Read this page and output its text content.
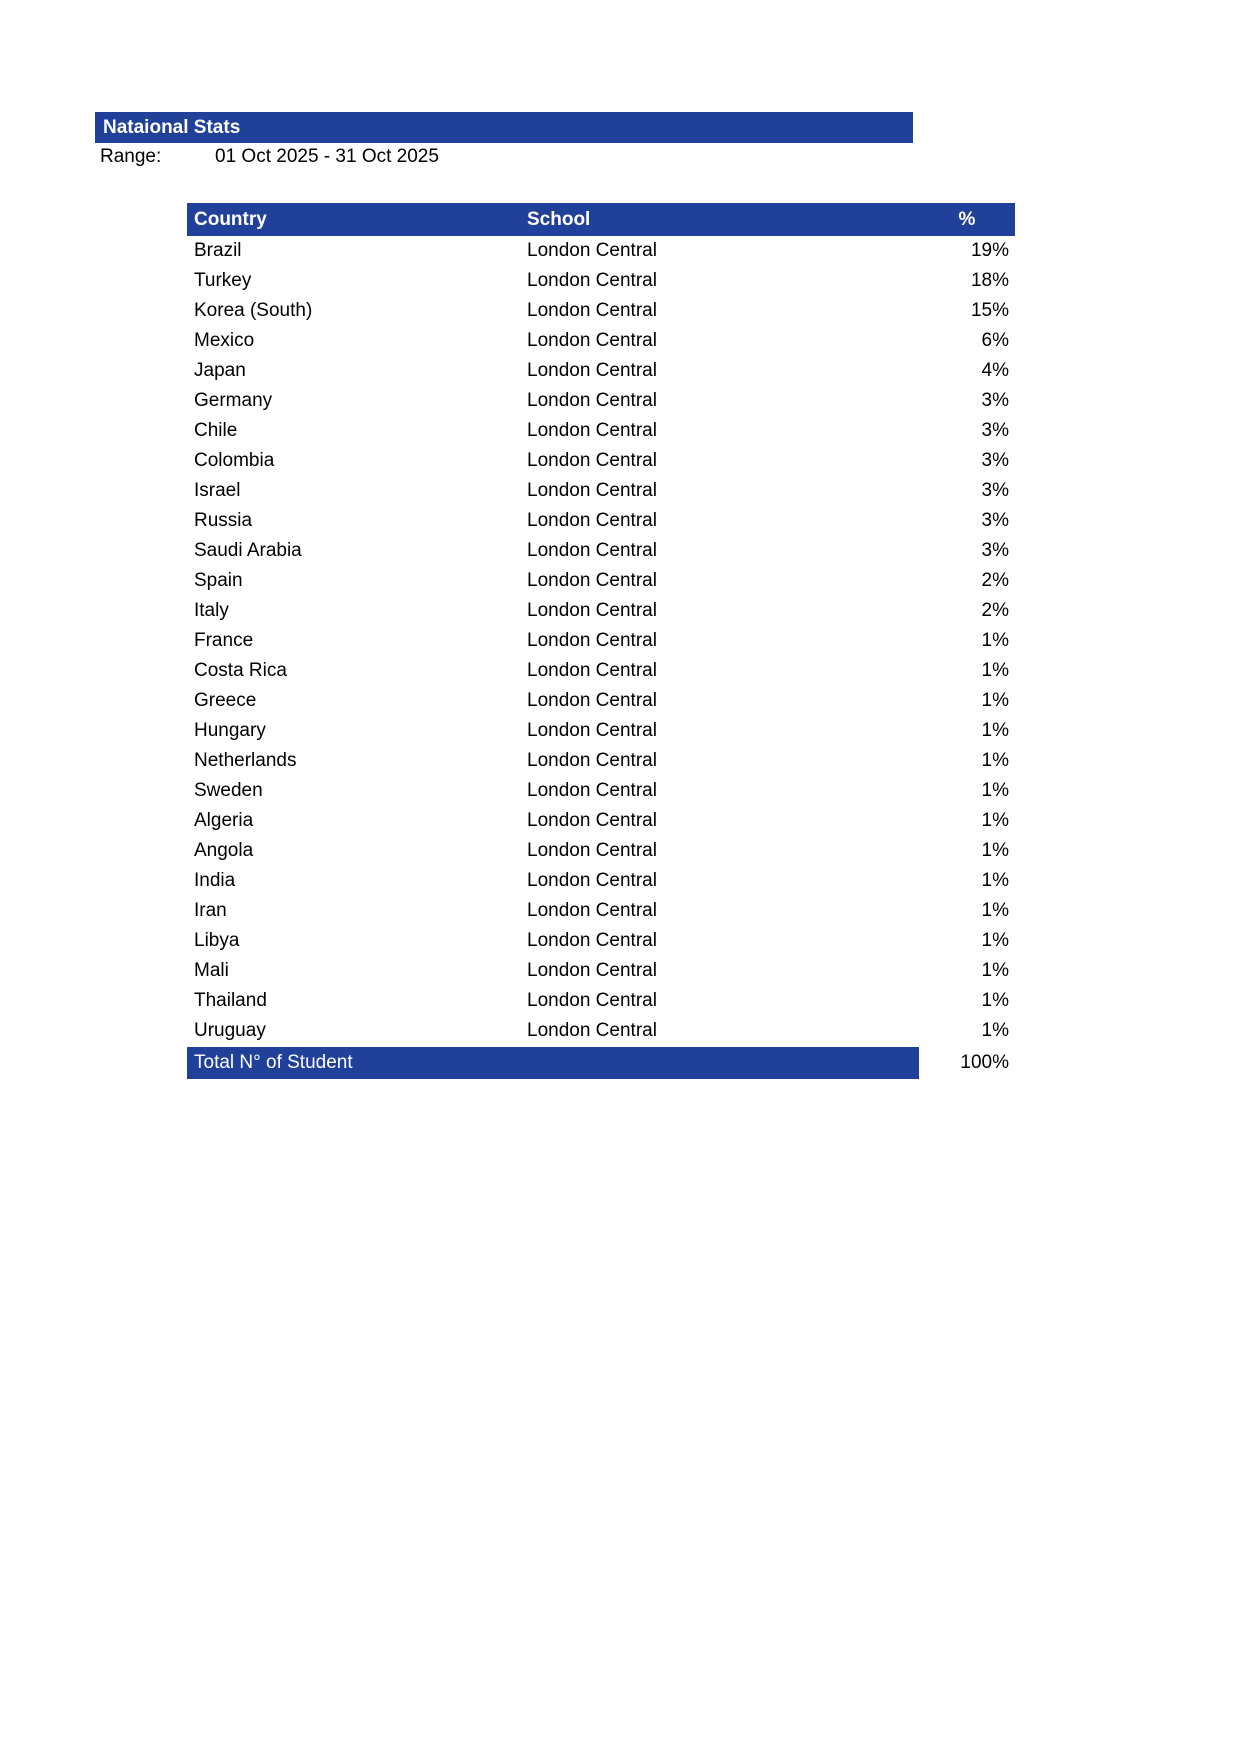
Nataional Stats
Range:	01 Oct 2025 - 31 Oct 2025
Country	School	%
Brazil	London Central	19%
Turkey	London Central	18%
Korea (South)	London Central	15%
Mexico	London Central	6%
Japan	London Central	4%
Germany	London Central	3%
Chile	London Central	3%
Colombia	London Central	3%
Israel	London Central	3%
Russia	London Central	3%
Saudi Arabia	London Central	3%
Spain	London Central	2%
Italy	London Central	2%
France	London Central	1%
Costa Rica	London Central	1%
Greece	London Central	1%
Hungary	London Central	1%
Netherlands	London Central	1%
Sweden	London Central	1%
Algeria	London Central	1%
Angola	London Central	1%
India	London Central	1%
Iran	London Central	1%
Libya	London Central	1%
Mali	London Central	1%
Thailand	London Central	1%
Uruguay	London Central	1%
Total N° of Student	100%
